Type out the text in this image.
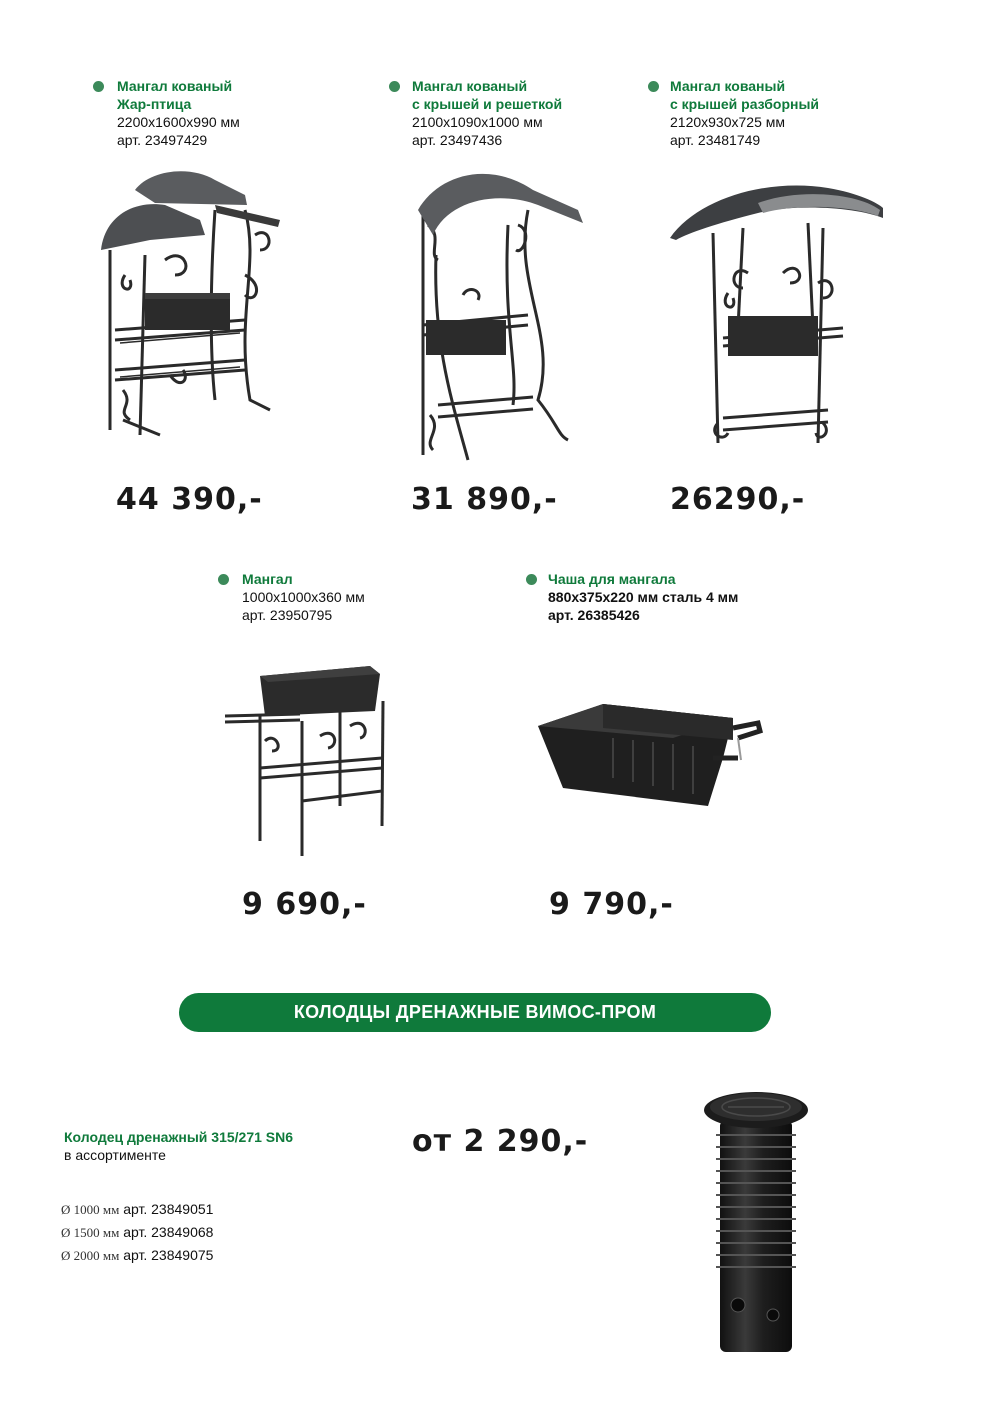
Мангал кованый
Жар-птица
2200x1600x990 мм
арт. 23497429
44 390,-
Мангал кованый
с крышей и решеткой
2100x1090x1000 мм
арт. 23497436
31 890,-
Мангал кованый
с крышей разборный
2120x930x725 мм
арт. 23481749
26290,-
Мангал
1000x1000x360 мм
арт. 23950795
9 690,-
Чаша для мангала
880x375x220 мм сталь 4 мм
арт. 26385426
9 790,-
КОЛОДЦЫ ДРЕНАЖНЫЕ ВИМОС-ПРОМ
Колодец дренажный 315/271 SN6
в ассортименте	от 2 290,-
Ø 1000 мм арт. 23849051
Ø 1500 мм арт. 23849068
Ø 2000 мм арт. 23849075
